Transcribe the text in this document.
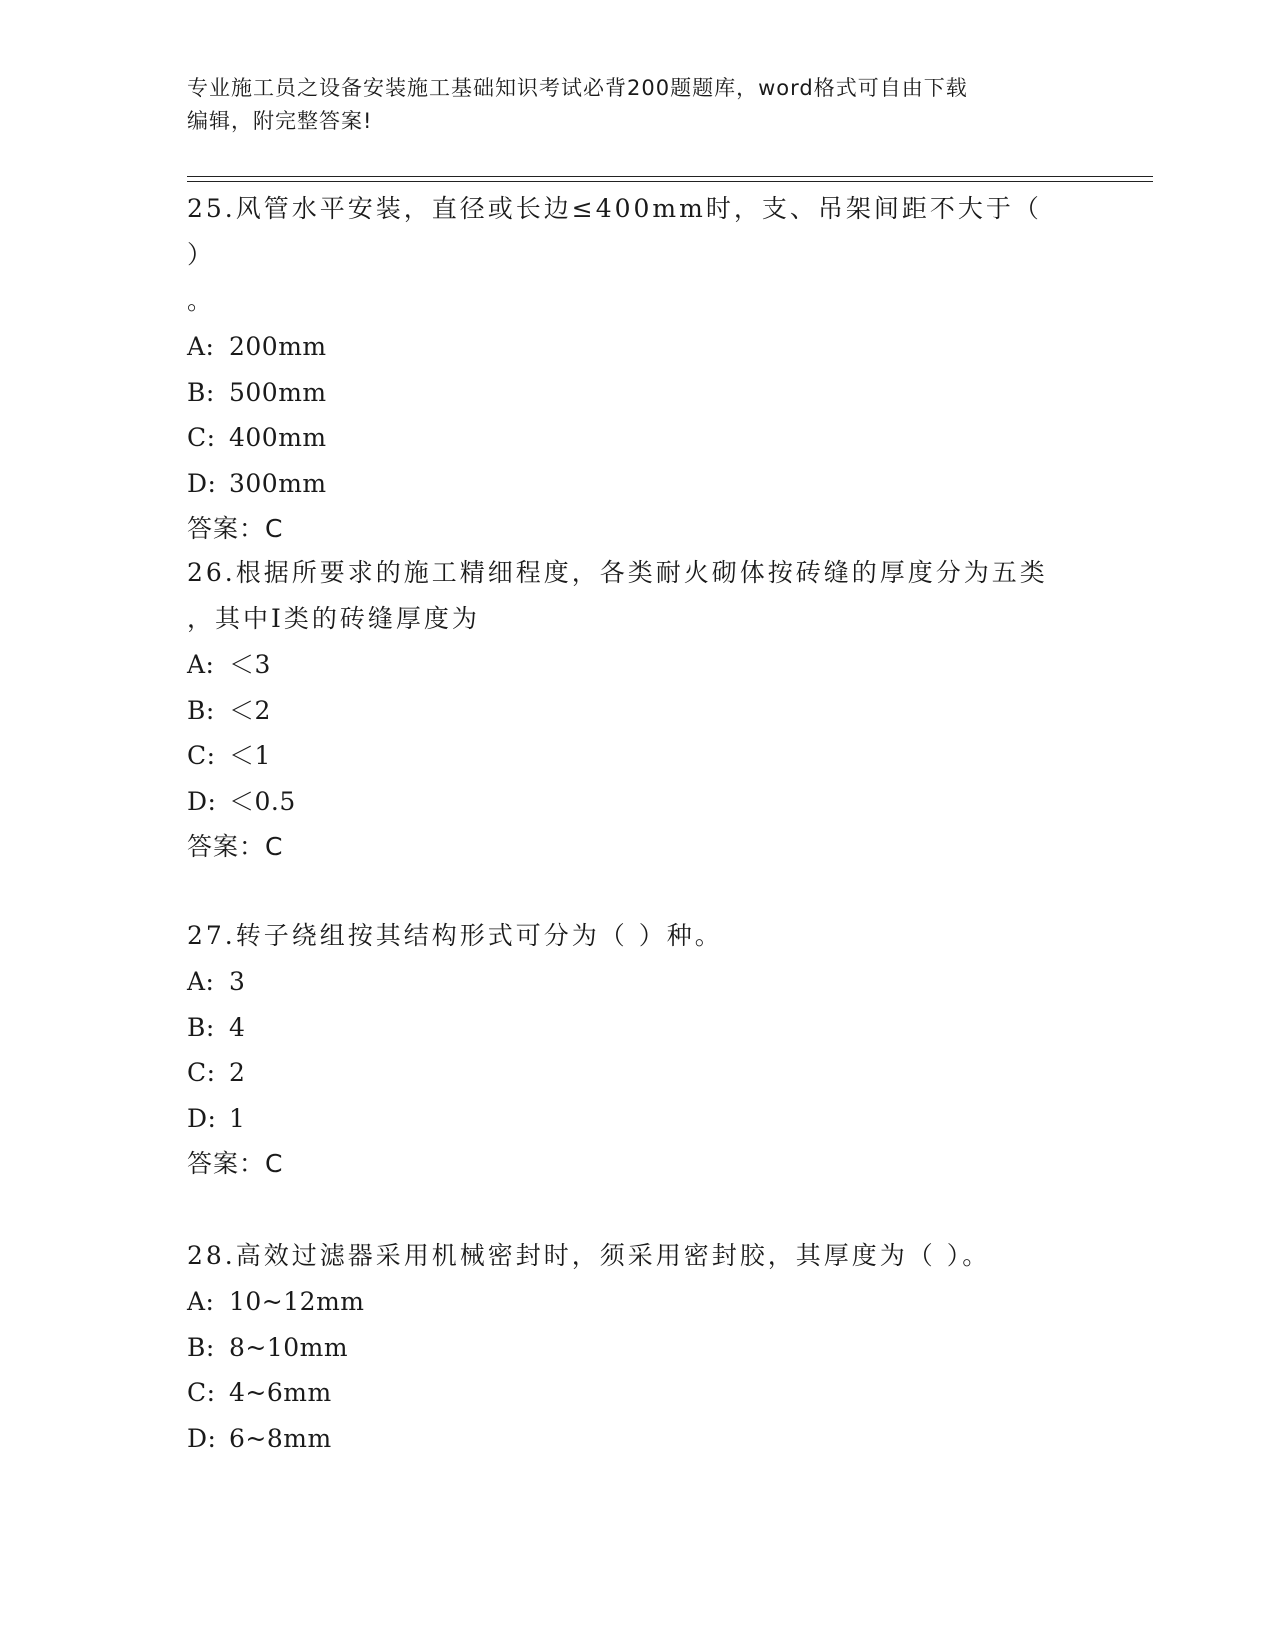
专业施工员之设备安装施工基础知识考试必背200题题库，word格式可自由下载
编辑，附完整答案!

25.风管水平安装，直径或长边≤400mm时，支、吊架间距不大于（ ）

。

A: 200mm

B: 500mm

C: 400mm

D: 300mm

答案：C

26.根据所要求的施工精细程度，各类耐火砌体按砖缝的厚度分为五类

，其中Ⅰ类的砖缝厚度为

A: ＜3

B: ＜2

C: ＜1

D: ＜0.5

答案：C

27.转子绕组按其结构形式可分为（ ）种。

A: 3

B: 4

C: 2

D: 1

答案：C

28.高效过滤器采用机械密封时，须采用密封胶，其厚度为（ ）。

A: 10~12mm

B: 8~10mm

C: 4~6mm

D: 6~8mm
